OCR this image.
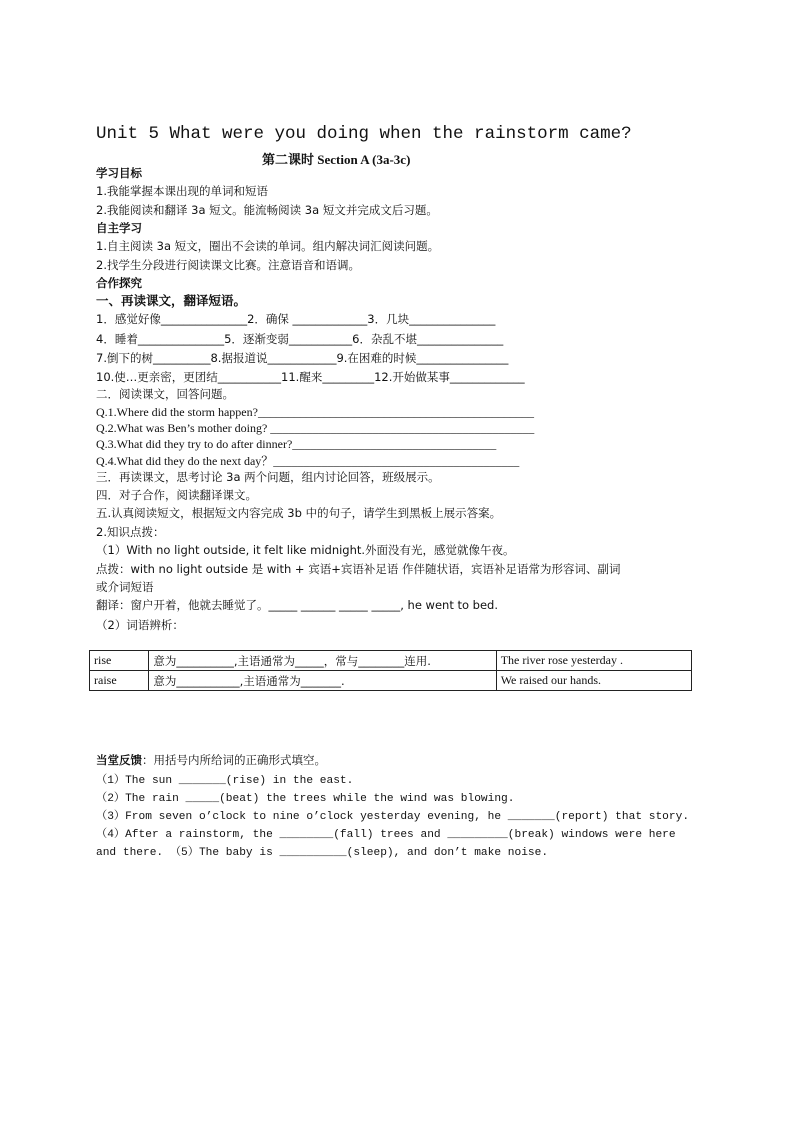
Unit 5 What were you doing when the rainstorm came?
第二课时 Section A (3a-3c)
学习目标
1.我能掌握本课出现的单词和短语
2.我能阅读和翻译 3a 短文。能流畅阅读 3a 短文并完成文后习题。
自主学习
1.自主阅读 3a 短文，圈出不会读的单词。组内解决词汇阅读问题。
2.找学生分段进行阅读课文比赛。注意语音和语调。
合作探究
一、再读课文，翻译短语。
1．感觉好像_______________2．确保 _____________3．几块_______________
4．睡着_______________5．逐渐变弱___________6．杂乱不堪_______________
7.倒下的树__________8.据报道说____________9.在困难的时候________________
10.使…更亲密，更团结___________11.醒来_________12.开始做某事_____________
二．阅读课文，回答问题。
Q.1.Where did the storm happen?______________________________________________
Q.2.What was Ben’s mother doing? ____________________________________________
Q.3.What did they try to do after dinner?__________________________________
Q.4.What did they do the next day？_________________________________________
三．再读课文，思考讨论 3a 两个问题，组内讨论回答，班级展示。
四．对子合作，阅读翻译课文。
五.认真阅读短文，根据短文内容完成 3b 中的句子，请学生到黑板上展示答案。
2.知识点拨：
（1）With no light outside, it felt like midnight.外面没有光，感觉就像午夜。
点拨：with no light outside 是 with + 宾语+宾语补足语 作伴随状语，宾语补足语常为形容词、副词
或介词短语
翻译：窗户开着，他就去睡觉了。_____ ______ _____ _____, he went to bed.
（2）词语辨析：
rise	意为__________,主语通常为_____，常与________连用.	The river rose yesterday .
raise	意为___________,主语通常为_______.	We raised our hands.
当堂反馈：用括号内所给词的正确形式填空。
（1）The sun _______(rise) in the east.
（2）The rain _____(beat) the trees while the wind was blowing.
（3）From seven o’clock to nine o’clock yesterday evening, he _______(report) that story.
（4）After a rainstorm, the ________(fall) trees and _________(break) windows were here
and there. （5）The baby is __________(sleep), and don’t make noise.
